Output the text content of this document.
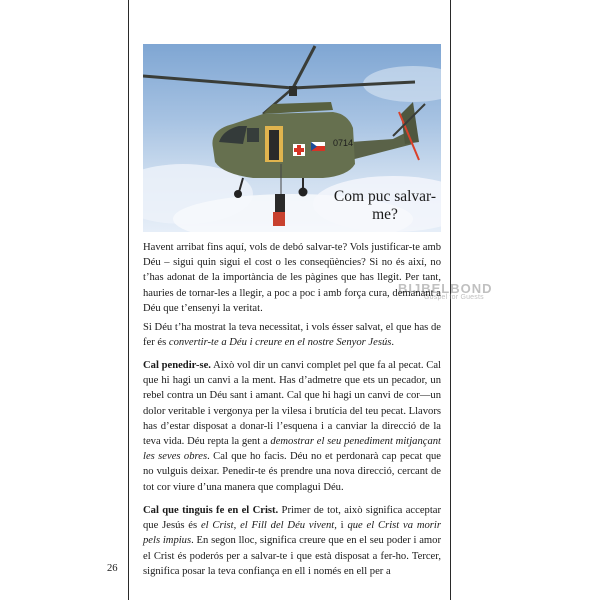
0714
Com puc salvar-me?
BIJBELBOND
Gospel for Guests

Havent arribat fins aquí, vols de debó salvar-te? Vols justificar-te amb Déu – sigui quin sigui el cost o les conseqüències? Si no és així, no t’has adonat de la importància de les pàgines que has llegit. Per tant, hauries de tornar-les a llegir, a poc a poc i amb força cura, demanant a Déu que t’ensenyi la veritat.

Si Déu t’ha mostrat la teva necessitat, i vols ésser salvat, el que has de fer és convertir-te a Déu i creure en el nostre Senyor Jesús.

Cal penedir-se. Això vol dir un canvi complet pel que fa al pecat. Cal que hi hagi un canvi a la ment. Has d’admetre que ets un pecador, un rebel contra un Déu sant i amant. Cal que hi hagi un canvi de cor—un dolor veritable i vergonya per la vilesa i brutícia del teu pecat. Llavors has d’estar disposat a donar-li l’esquena i a canviar la direcció de la teva vida. Déu repta la gent a demostrar el seu penediment mitjançant les seves obres. Cal que ho facis. Déu no et perdonarà cap pecat que no vulguis deixar. Penedir-te és prendre una nova direcció, cercant de tot cor viure d’una manera que complagui Déu.

Cal que tinguis fe en el Crist. Primer de tot, això significa acceptar que Jesús és el Crist, el Fill del Déu vivent, i que el Crist va morir pels impius. En segon lloc, significa creure que en el seu poder i amor el Crist és poderós per a salvar-te i que està disposat a fer-ho. Tercer, significa posar la teva confiança en ell i només en ell per a

26
